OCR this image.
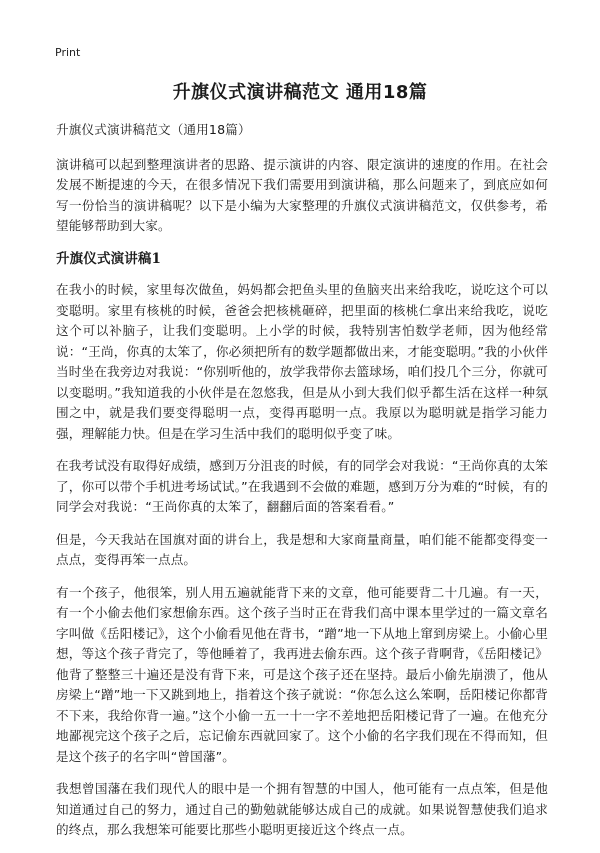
Print
升旗仪式演讲稿范文 通用18篇

升旗仪式演讲稿范文（通用18篇）

演讲稿可以起到整理演讲者的思路、提示演讲的内容、限定演讲的速度的作用。在社会发展不断提速的今天，在很多情况下我们需要用到演讲稿，那么问题来了，到底应如何写一份恰当的演讲稿呢？以下是小编为大家整理的升旗仪式演讲稿范文，仅供参考，希望能够帮助到大家。

升旗仪式演讲稿1

在我小的时候，家里每次做鱼，妈妈都会把鱼头里的鱼脑夹出来给我吃，说吃这个可以变聪明。家里有核桃的时候，爸爸会把核桃砸碎，把里面的核桃仁拿出来给我吃，说吃这个可以补脑子，让我们变聪明。上小学的时候，我特别害怕数学老师，因为他经常说：“王尚，你真的太笨了，你必须把所有的数学题都做出来，才能变聪明。”我的小伙伴当时坐在我旁边对我说：“你别听他的，放学我带你去篮球场，咱们投几个三分，你就可以变聪明。”我知道我的小伙伴是在忽悠我，但是从小到大我们似乎都生活在这样一种氛围之中，就是我们要变得聪明一点，变得再聪明一点。我原以为聪明就是指学习能力强，理解能力快。但是在学习生活中我们的聪明似乎变了味。

在我考试没有取得好成绩，感到万分沮丧的时候，有的同学会对我说：“王尚你真的太笨了，你可以带个手机进考场试试。”在我遇到不会做的难题，感到万分为难的“时候，有的同学会对我说：“王尚你真的太笨了，翻翻后面的答案看看。”

但是，今天我站在国旗对面的讲台上，我是想和大家商量商量，咱们能不能都变得变一点点，变得再笨一点点。

有一个孩子，他很笨，别人用五遍就能背下来的文章，他可能要背二十几遍。有一天，有一个小偷去他们家想偷东西。这个孩子当时正在背我们高中课本里学过的一篇文章名字叫做《岳阳楼记》，这个小偷看见他在背书，“蹭”地一下从地上窜到房梁上。小偷心里想，等这个孩子背完了，等他睡着了，我再进去偷东西。这个孩子背啊背，《岳阳楼记》他背了整整三十遍还是没有背下来，可是这个孩子还在坚持。最后小偷先崩溃了，他从房梁上“蹭”地一下又跳到地上，指着这个孩子就说：“你怎么这么笨啊，岳阳楼记你都背不下来，我给你背一遍。”这个小偷一五一十一字不差地把岳阳楼记背了一遍。在他充分地鄙视完这个孩子之后，忘记偷东西就回家了。这个小偷的名字我们现在不得而知，但是这个孩子的名字叫“曾国藩”。

我想曾国藩在我们现代人的眼中是一个拥有智慧的中国人，他可能有一点点笨，但是他知道通过自己的努力，通过自己的勤勉就能够达成自己的成就。如果说智慧使我们追求的终点，那么我想笨可能要比那些小聪明更接近这个终点一点。
